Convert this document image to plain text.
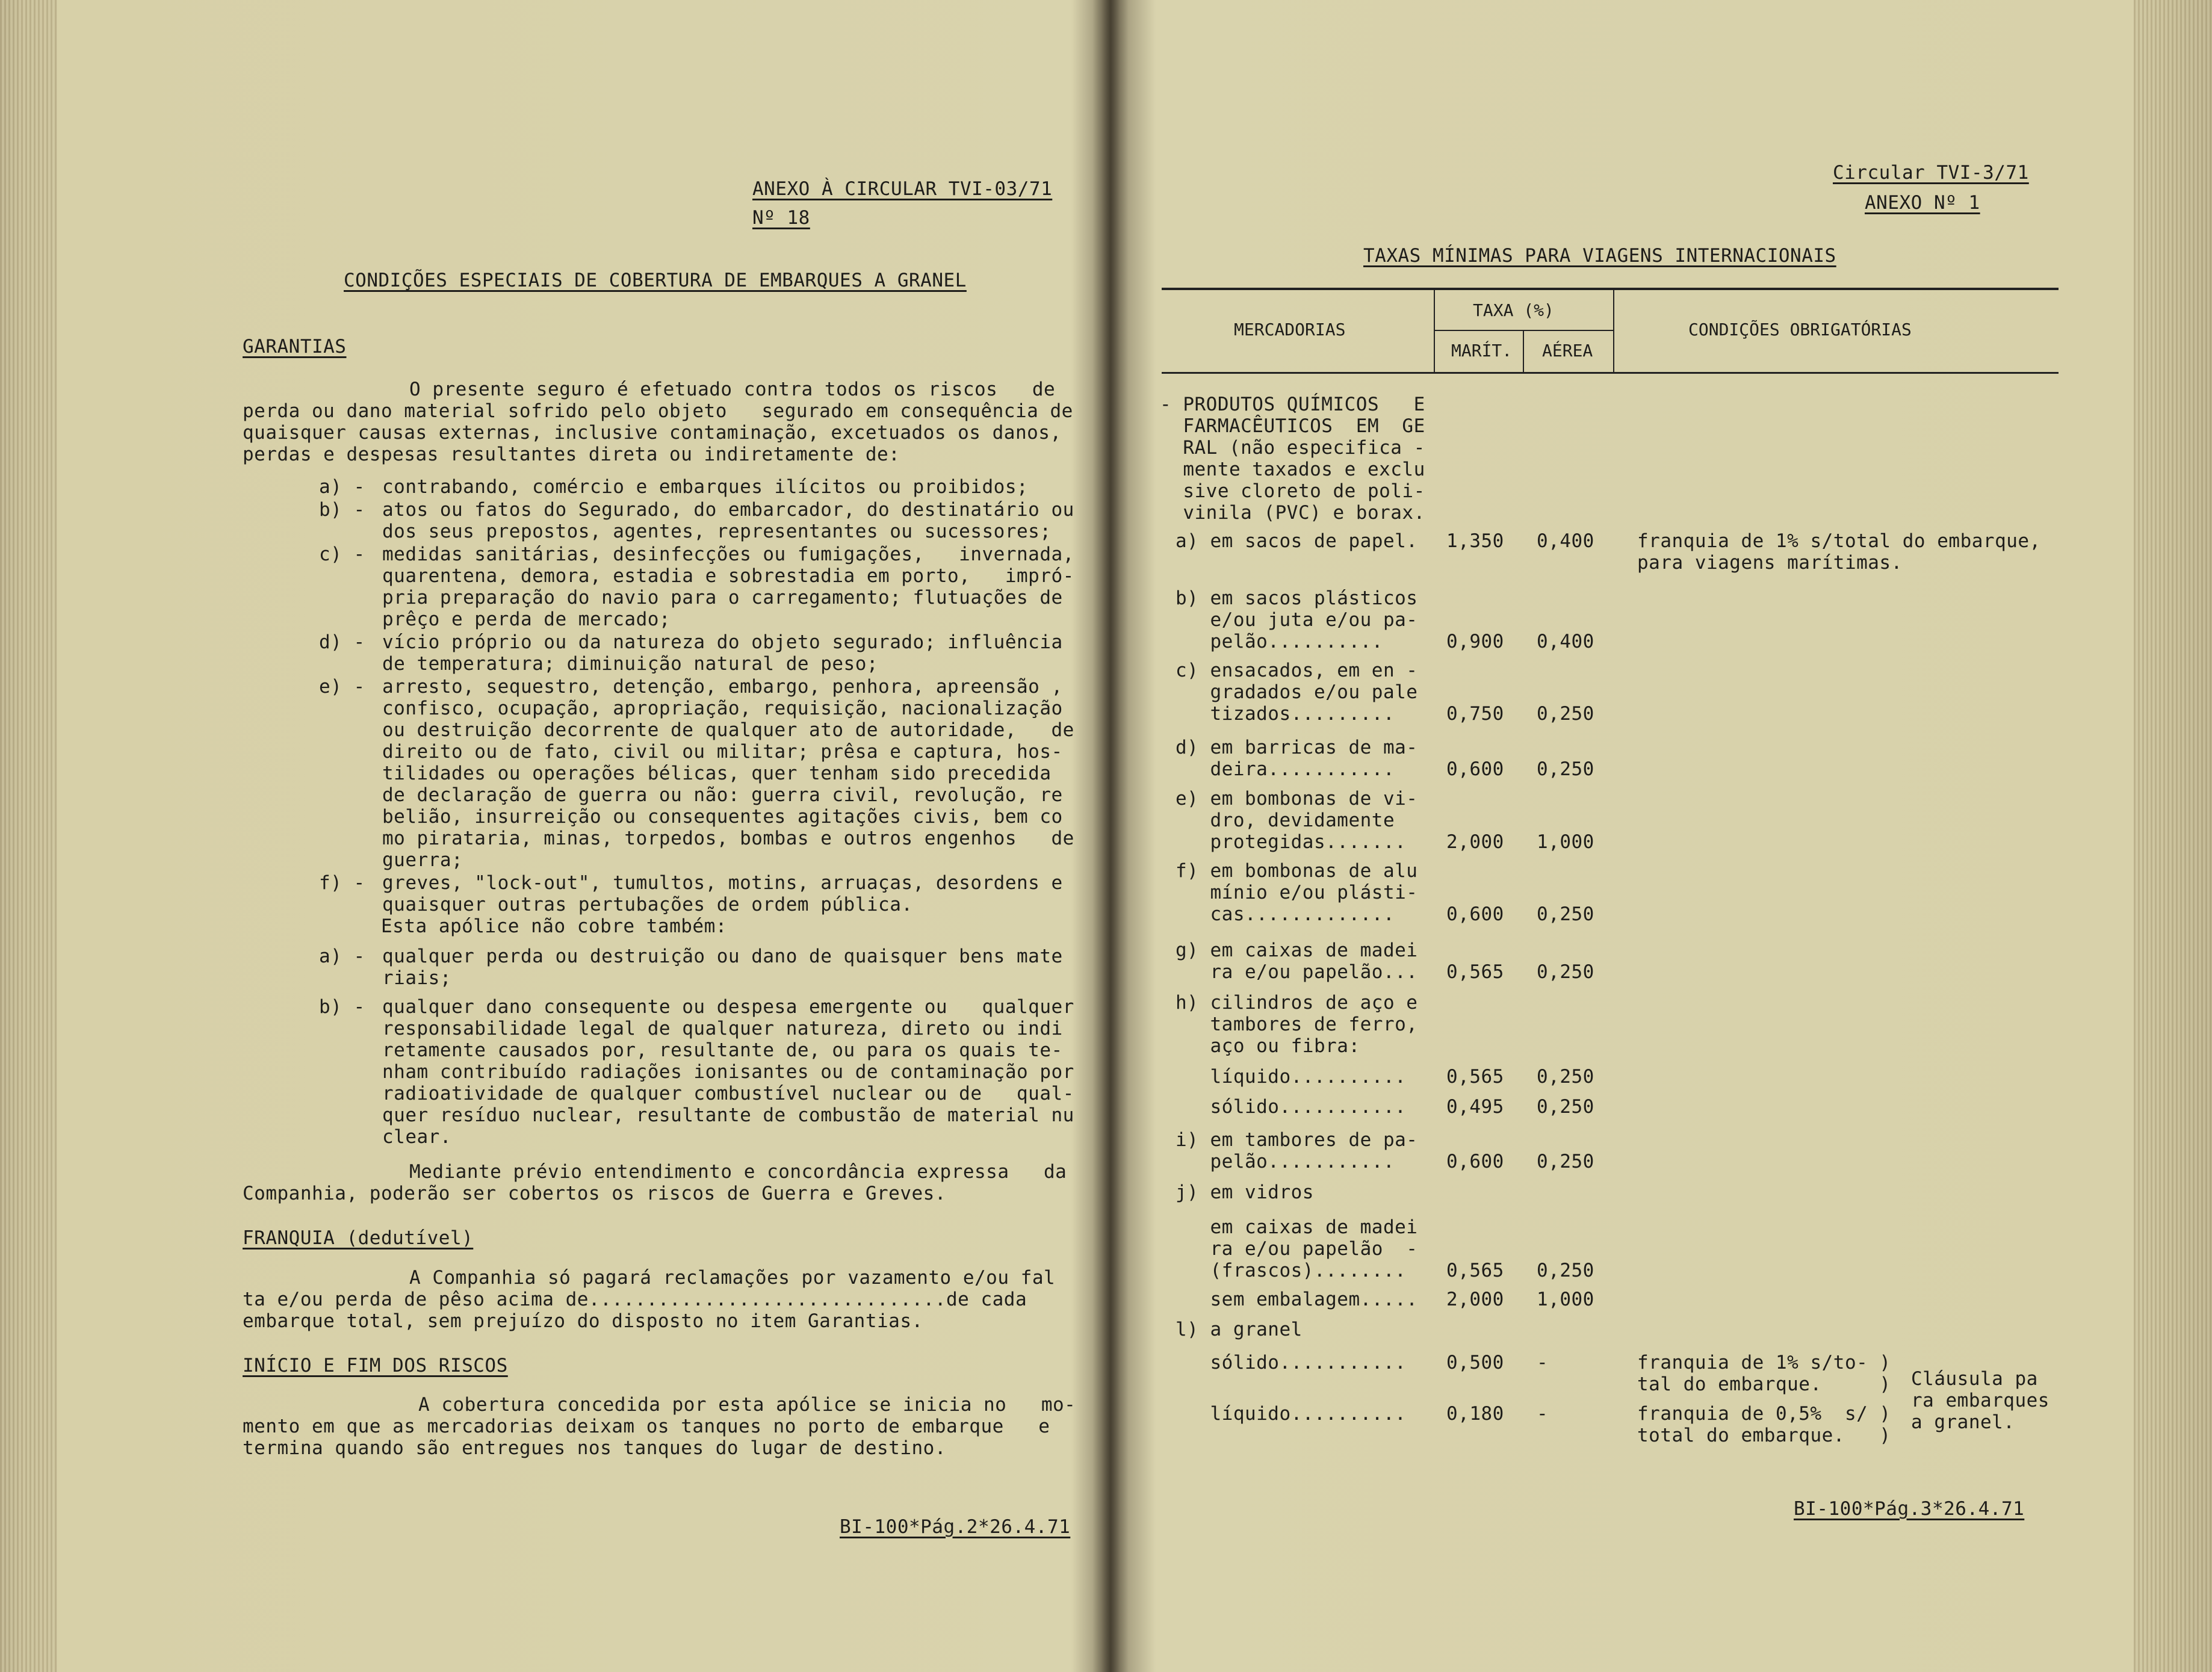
ANEXO À CIRCULAR TVI-03/71
Nº 18
CONDIÇÕES ESPECIAIS DE COBERTURA DE EMBARQUES A GRANEL
GARANTIAS
O presente seguro é efetuado contra todos os riscos   de
perda ou dano material sofrido pelo objeto   segurado em consequência de
quaisquer causas externas, inclusive contaminação, excetuados os danos,
perdas e despesas resultantes direta ou indiretamente de:
a) - contrabando, comércio e embarques ilícitos ou proibidos;
b) - atos ou fatos do Segurado, do embarcador, do destinatário ou
dos seus prepostos, agentes, representantes ou sucessores;
c) - medidas sanitárias, desinfecções ou fumigações,   invernada,
quarentena, demora, estadia e sobrestadia em porto,   impró-
pria preparação do navio para o carregamento; flutuações de
prêço e perda de mercado;
d) - vício próprio ou da natureza do objeto segurado; influência
de temperatura; diminuição natural de peso;
e) - arresto, sequestro, detenção, embargo, penhora, apreensão ,
confisco, ocupação, apropriação, requisição, nacionalização
ou destruição decorrente de qualquer ato de autoridade,   de
direito ou de fato, civil ou militar; prêsa e captura, hos-
tilidades ou operações bélicas, quer tenham sido precedida
de declaração de guerra ou não: guerra civil, revolução, re
belião, insurreição ou consequentes agitações civis, bem co
mo pirataria, minas, torpedos, bombas e outros engenhos   de
guerra;
f) - greves, "lock-out", tumultos, motins, arruaças, desordens e
quaisquer outras pertubações de ordem pública.
Esta apólice não cobre também:
a) - qualquer perda ou destruição ou dano de quaisquer bens mate
riais;
b) - qualquer dano consequente ou despesa emergente ou   qualquer
responsabilidade legal de qualquer natureza, direto ou indi
retamente causados por, resultante de, ou para os quais te-
nham contribuído radiações ionisantes ou de contaminação por
radioatividade de qualquer combustível nuclear ou de   qual-
quer resíduo nuclear, resultante de combustão de material nu
clear.
Mediante prévio entendimento e concordância expressa   da
Companhia, poderão ser cobertos os riscos de Guerra e Greves.
FRANQUIA (dedutível)
A Companhia só pagará reclamações por vazamento e/ou fal
ta e/ou perda de pêso acima de...............................de cada
embarque total, sem prejuízo do disposto no item Garantias.
INÍCIO E FIM DOS RISCOS
A cobertura concedida por esta apólice se inicia no   mo-
mento em que as mercadorias deixam os tanques no porto de embarque   e
termina quando são entregues nos tanques do lugar de destino.
BI-100*Pág.2*26.4.71
Circular TVI-3/71
ANEXO Nº 1
TAXAS MÍNIMAS PARA VIAGENS INTERNACIONAIS
MERCADORIAS
TAXA (%)
MARÍT. AÉREA
CONDIÇÕES OBRIGATÓRIAS
- PRODUTOS QUÍMICOS   E
FARMACÊUTICOS  EM  GE
RAL (não especifica -
mente taxados e exclu
sive cloreto de poli-
vinila (PVC) e borax.
a) em sacos de papel. 1,350 0,400 franquia de 1% s/total do embarque,
para viagens marítimas.
b) em sacos plásticos
e/ou juta e/ou pa-
pelão..........	0,900 0,400
c) ensacados, em en -
gradados e/ou pale
tizados.........	0,750 0,250
d) em barricas de ma-
deira...........	0,600 0,250
e) em bombonas de vi-
dro, devidamente
protegidas....... 2,000 1,000
f) em bombonas de alu
mínio e/ou plásti-
cas.............	0,600 0,250
g) em caixas de madei
ra e/ou papelão... 0,565 0,250
h) cilindros de aço e
tambores de ferro,
aço ou fibra:
líquido.......... 0,565 0,250
sólido........... 0,495 0,250
i) em tambores de pa-
pelão...........	0,600 0,250
j) em vidros
em caixas de madei
ra e/ou papelão  -
(frascos)........ 0,565 0,250
sem embalagem..... 2,000 1,000
l) a granel
sólido........... 0,500 -	franquia de 1% s/to- )
tal do embarque.     )
líquido.......... 0,180 -	franquia de 0,5%  s/ )
total do embarque.   )
Cláusula pa
ra embarques
a granel.
BI-100*Pág.3*26.4.71
